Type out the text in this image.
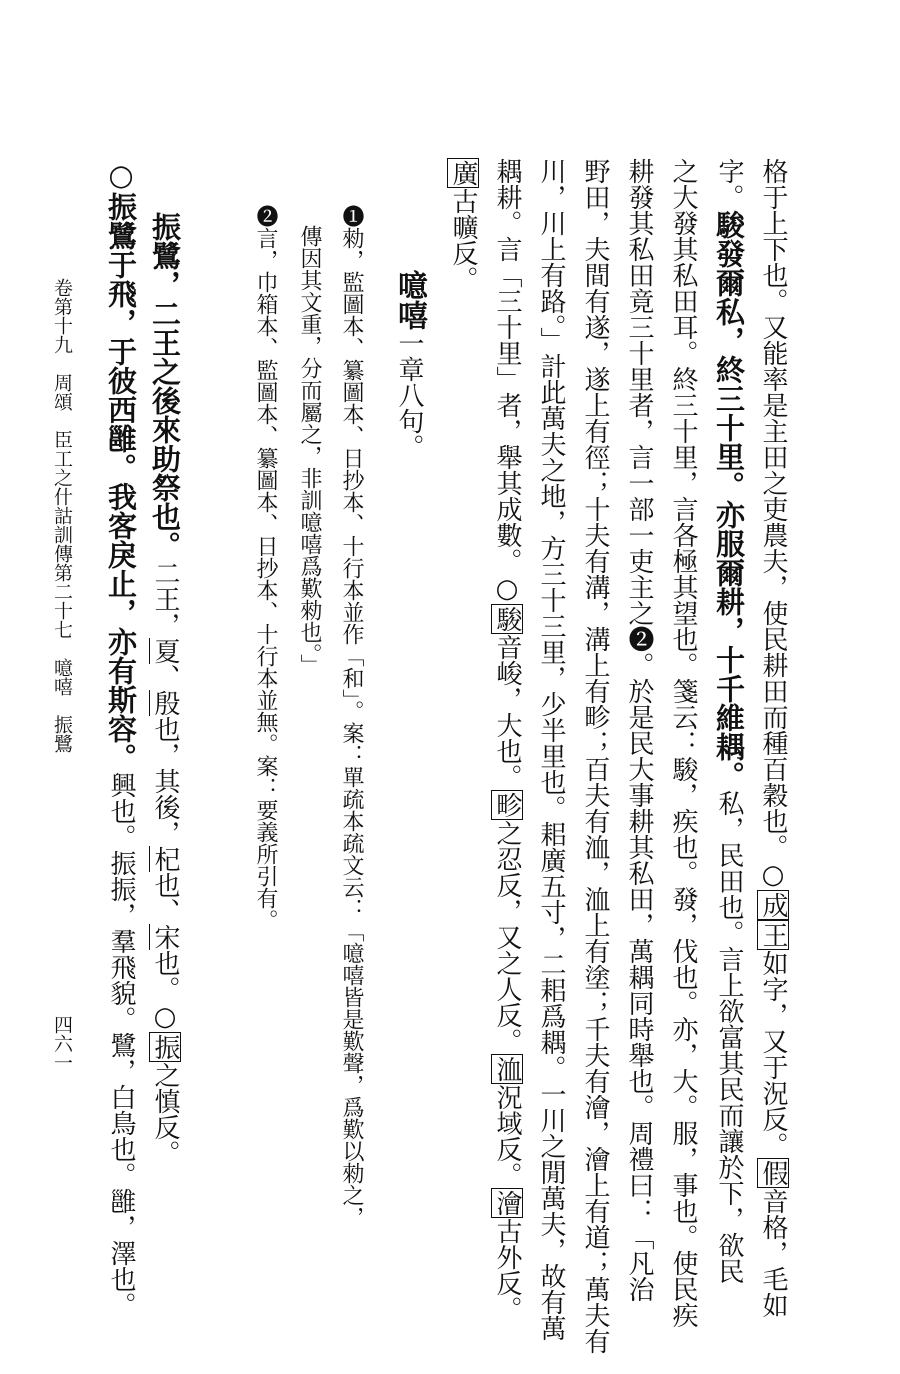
格于上下也。又能率是主田之吏農夫，使民耕田而種百穀也。○成王如字，又于況反。假音格，毛如
字。駿發爾私，終三十里。亦服爾耕，十千維耦。私，民田也。言上欲富其民而讓於下，欲民
之大發其私田耳。終三十里，言各極其望也。箋云：駿，疾也。發，伐也。亦，大。服，事也。使民疾
耕發其私田竟三十里者，言一部一吏主之❷。於是民大事耕其私田，萬耦同時舉也。周禮曰：「凡治
野田，夫間有遂，遂上有徑；十夫有溝，溝上有畛；百夫有洫，洫上有塗；千夫有澮，澮上有道；萬夫有
川，川上有路。」計此萬夫之地，方三十三里，少半里也。耜廣五寸，二耜爲耦。一川之閒萬夫，故有萬
耦耕。言「三十里」者，舉其成數。○駿音峻，大也。畛之忍反，又之人反。洫況域反。澮古外反。
廣古曠反。
噫嘻一章八句。
❶勑，監圖本、纂圖本、日抄本、十行本並作「和」。案：單疏本疏文云：「噫嘻皆是歎聲，爲歎以勑之，
傳因其文重，分而屬之，非訓噫嘻爲歎勑也。」
❷言，巾箱本、監圖本、纂圖本、日抄本、十行本並無。案：要義所引有。
振鷺，二王之後來助祭也。二王，夏、殷也，其後，杞也、宋也。○振之慎反。
○振鷺于飛，于彼西雝。我客戾止，亦有斯容。興也。振振，羣飛貌。鷺，白鳥也。雝，澤也。
卷第十九　周頌　臣工之什詁訓傳第二十七　噫嘻　振鷺
四六一
